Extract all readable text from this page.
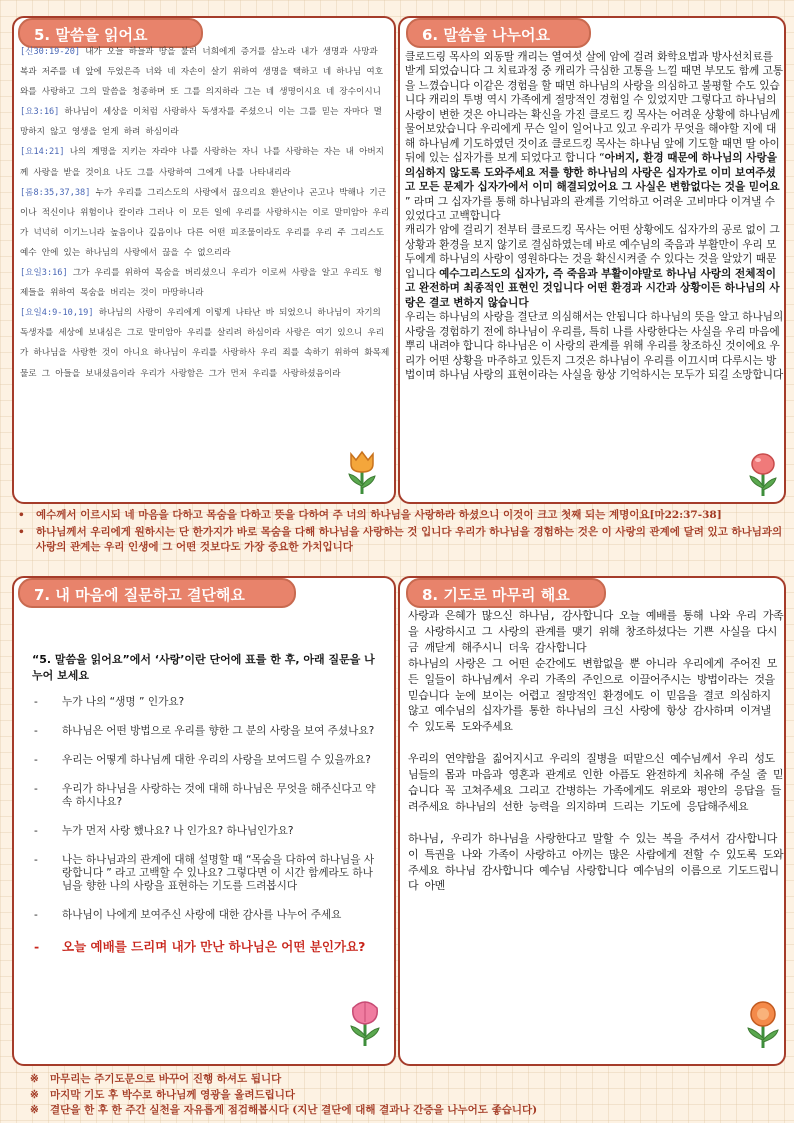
5. 말씀을 읽어요

[신30:19-20] 내가 오늘 하늘과 땅을 불러 너희에게 증거를 삼노라 내가 생명과 사망과 복과 저주를 네 앞에 두었은즉 너와 네 자손이 살기 위하여 생명을 택하고 네 하나님 여호와를 사랑하고 그의 말씀을 청종하며 또 그를 의지하라 그는 네 생명이시요 네 장수이시니

[요3:16] 하나님이 세상을 이처럼 사랑하사 독생자를 주셨으니 이는 그를 믿는 자마다 멸망하지 않고 영생을 얻게 하려 하심이라

[요14:21] 나의 계명을 지키는 자라야 나를 사랑하는 자니 나를 사랑하는 자는 내 아버지께 사랑을 받을 것이요 나도 그를 사랑하여 그에게 나를 나타내리라

[롬8:35,37,38] 누가 우리를 그리스도의 사랑에서 끊으리요 환난이나 곤고나 박해나 기근이나 적신이나 위험이나 칼이랴 그러나 이 모든 일에 우리를 사랑하시는 이로 말미암아 우리가 넉넉히 이기느니라 높음이나 깊음이나 다른 어떤 피조물이라도 우리를 우리 주 그리스도 예수 안에 있는 하나님의 사랑에서 끊을 수 없으리라

[요일3:16] 그가 우리를 위하여 목숨을 버리셨으니 우리가 이로써 사랑을 알고 우리도 형제들을 위하여 목숨을 버리는 것이 마땅하니라

[요일4:9-10,19] 하나님의 사랑이 우리에게 이렇게 나타난 바 되었으니 하나님이 자기의 독생자를 세상에 보내심은 그로 말미암아 우리를 살리려 하심이라 사랑은 여기 있으니 우리가 하나님을 사랑한 것이 아니요 하나님이 우리를 사랑하사 우리 죄를 속하기 위하여 화목제물로 그 아들을 보내셨음이라 우리가 사랑함은 그가 먼저 우리를 사랑하셨음이라

6. 말씀을 나누어요

클로드링 목사의 외동딸 캐리는 열여섯 살에 암에 걸려 화학요법과 방사선치료를 받게 되었습니다 그 치료과정 중 캐리가 극심한 고통을 느낄 때면 부모도 함께 고통을 느꼈습니다 이같은 경험을 할 때면 하나님의 사랑을 의심하고 불평할 수도 있습니다 캐리의 투병 역시 가족에게 절망적인 경험일 수 있었지만 그렇다고 하나님의 사랑이 변한 것은 아니라는 확신을 가진 클로드 킹 목사는 어려운 상황에 하나님께 물어보았습니다 우리에게 무슨 일이 일어나고 있고 우리가 무엇을 해야할 지에 대해 하나님께 기도하였던 것이죠 클로드킹 목사는 하나님 앞에 기도할 때면 딸 아이 뒤에 있는 십자가를 보게 되었다고 합니다 “아버지, 환경 때문에 하나님의 사랑을 의심하지 않도록 도와주세요 저를 향한 하나님의 사랑은 십자가로 이미 보여주셨고 모든 문제가 십자가에서 이미 해결되었어요 그 사실은 변함없다는 것을 믿어요 ” 라며 그 십자가를 통해 하나님과의 관계를 기억하고 어려운 고비마다 이겨낼 수 있었다고 고백합니다

캐리가 암에 걸리기 전부터 클로드킹 목사는 어떤 상황에도 십자가의 공로 없이 그 상황과 환경을 보지 않기로 결심하였는데 바로 예수님의 죽음과 부활만이 우리 모두에게 하나님의 사랑이 영원하다는 것을 확신시켜줄 수 있다는 것을 알았기 때문입니다 예수그리스도의 십자가, 즉 죽음과 부활이야말로 하나님 사랑의 전체적이고 완전하며 최종적인 표현인 것입니다 어떤 환경과 시간과 상황이든 하나님의 사랑은 결코 변하지 않습니다

우리는 하나님의 사랑을 결단코 의심해서는 안됩니다 하나님의 뜻을 알고 하나님의 사랑을 경험하기 전에 하나님이 우리를, 특히 나를 사랑한다는 사실을 우리 마음에 뿌리 내려야 합니다 하나님은 이 사랑의 관계를 위해 우리를 창조하신 것이에요 우리가 어떤 상황을 마주하고 있든지 그것은 하나님이 우리를 이끄시며 다루시는 방법이며 하나님 사랑의 표현이라는 사실을 항상 기억하시는 모두가 되길 소망합니다

• 예수께서 이르시되 네 마음을 다하고 목숨을 다하고 뜻을 다하여 주 너의 하나님을 사랑하라 하셨으니 이것이 크고 첫째 되는 계명이요[마22:37-38]
• 하나님께서 우리에게 원하시는 단 한가지가 바로 목숨을 다해 하나님을 사랑하는 것 입니다 우리가 하나님을 경험하는 것은 이 사랑의 관계에 달려 있고 하나님과의 사랑의 관계는 우리 인생에 그 어떤 것보다도 가장 중요한 가치입니다
7. 내 마음에 질문하고 결단해요
“5. 말씀을 읽어요”에서 ‘사랑’이란 단어에 표를 한 후, 아래 질문을 나누어 보세요
- 누가 나의 “생명 ” 인가요?
- 하나님은 어떤 방법으로 우리를 향한 그 분의 사랑을 보여 주셨나요?
- 우리는 어떻게 하나님께 대한 우리의 사랑을 보여드릴 수 있을까요?
- 우리가 하나님을 사랑하는 것에 대해 하나님은 무엇을 해주신다고 약속 하시나요?
- 누가 먼저 사랑 했나요? 나 인가요? 하나님인가요?
- 나는 하나님과의 관계에 대해 설명할 때 “목숨을 다하여 하나님을 사랑합니다 ” 라고 고백할 수 있나요? 그렇다면 이 시간 함께라도 하나님을 향한 나의 사랑을 표현하는 기도를 드려봅시다
- 하나님이 나에게 보여주신 사랑에 대한 감사를 나누어 주세요
- 오늘 예배를 드리며 내가 만난 하나님은 어떤 분인가요?
8. 기도로 마무리 해요

사랑과 은혜가 많으신 하나님, 감사합니다 오늘 예배를 통해 나와 우리 가족을 사랑하시고 그 사랑의 관계를 맺기 위해 창조하셨다는 기쁜 사실을 다시금 깨닫게 해주시니 더욱 감사합니다

하나님의 사랑은 그 어떤 순간에도 변함없을 뿐 아니라 우리에게 주어진 모든 일들이 하나님께서 우리 가족의 주인으로 이끌어주시는 방법이라는 것을 믿습니다 눈에 보이는 어렵고 절망적인 환경에도 이 믿음을 결코 의심하지 않고 예수님의 십자가를 통한 하나님의 크신 사랑에 항상 감사하며 이겨낼 수 있도록 도와주세요

우리의 연약함을 짊어지시고 우리의 질병을 떠맡으신 예수님께서 우리 성도님들의 몸과 마음과 영혼과 관계로 인한 아픔도 완전하게 치유해 주실 줄 믿습니다 꼭 고쳐주세요 그리고 간병하는 가족에게도 위로와 평안의 응답을 들려주세요 하나님의 선한 능력을 의지하며 드리는 기도에 응답해주세요

하나님, 우리가 하나님을 사랑한다고 말할 수 있는 복을 주셔서 감사합니다 이 특권을 나와 가족이 사랑하고 아끼는 많은 사람에게 전할 수 있도록 도와주세요 하나님 감사합니다 예수님 사랑합니다 예수님의 이름으로 기도드립니다 아멘

※ 마무리는 주기도문으로 바꾸어 진행 하셔도 됩니다
※ 마지막 기도 후 박수로 하나님께 영광을 올려드립니다
※ 결단을 한 후 한 주간 실천을 자유롭게 점검해봅시다 (지난 결단에 대해 결과나 간증을 나누어도 좋습니다)
